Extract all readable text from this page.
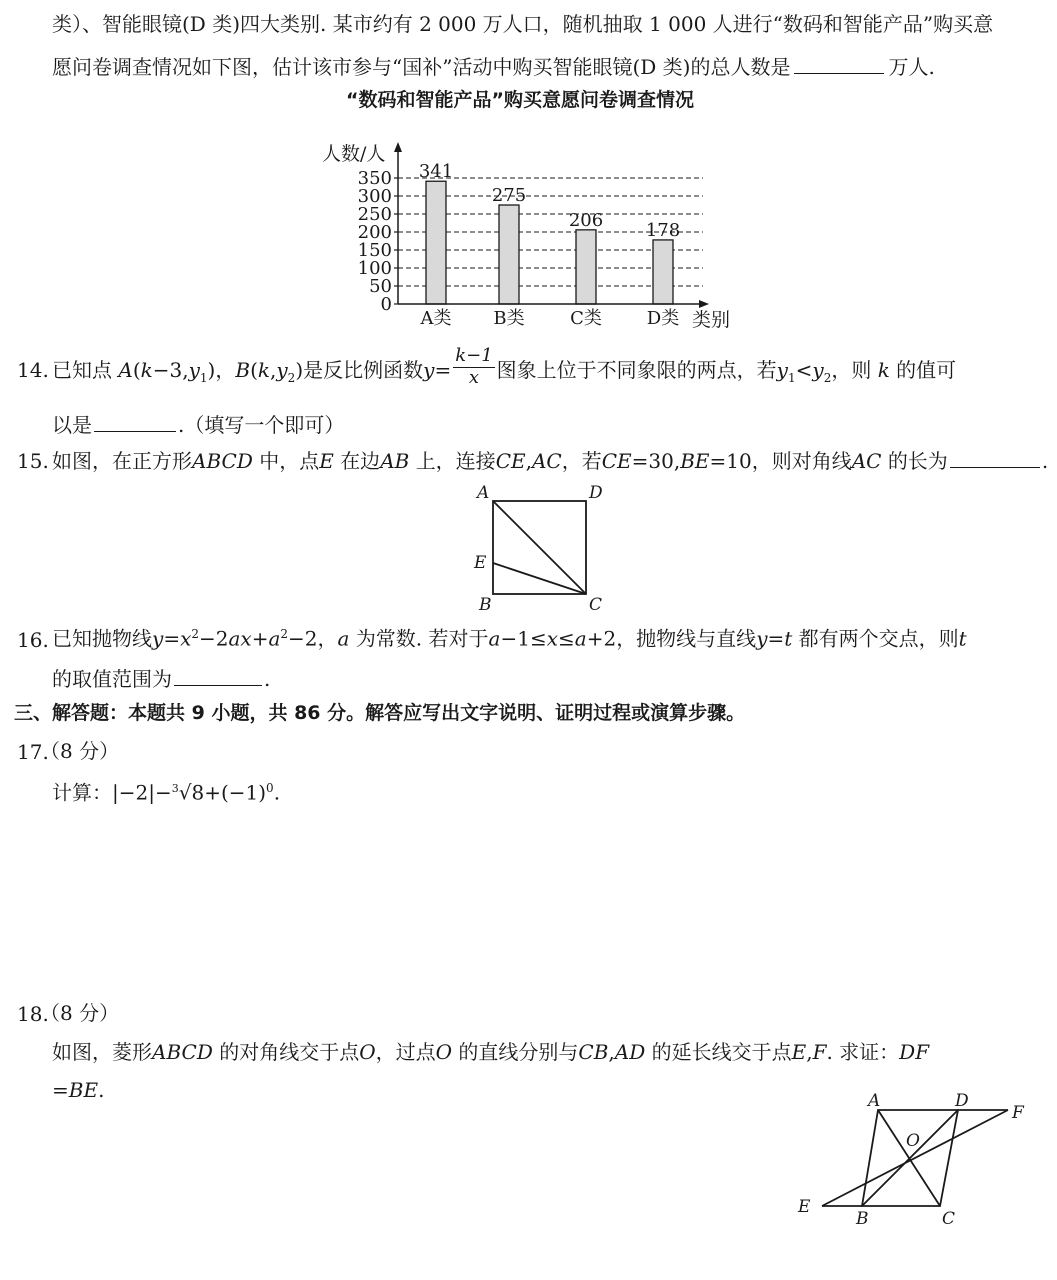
类）、智能眼镜(D 类)四大类别. 某市约有 2 000 万人口，随机抽取 1 000 人进行“数码和智能产品”购买意
愿问卷调查情况如下图，估计该市参与“国补”活动中购买智能眼镜(D 类)的总人数是	万人.
“数码和智能产品”购买意愿问卷调查情况
0
50
100
150
200
250
300
350 341
A类
275
B类
206
C类
178
D类
人数/人
类别
14. 已知点 $A(k-3,y_1)$，$B(k,y_2)$是反比例函数$y= \frac{k-1}{x}$ 图象上位于不同象限的两点，若$y_1<y_2$，则 k 的值可
以是	.（填写一个即可）
15. 如图，在正方形ABCD 中，点E 在边AB 上，连接CE,AC，若CE=30,BE=10，则对角线AC 的长为	.
A	D
E
B	C
16. 已知抛物线$y=x^2-2ax+a^2-2$，a 为常数. 若对于a−1≤x≤a+2，抛物线与直线y=t 都有两个交点，则t
的取值范围为	.
三、解答题：本题共 9 小题，共 86 分。解答应写出文字说明、证明过程或演算步骤。
17.
（8 分）
计算：$|-2|-^3√8+(-1)^0$.
18.
（8 分）
如图，菱形ABCD 的对角线交于点O，过点O 的直线分别与CB,AD 的延长线交于点E,F. 求证：DF
=BE.	A	D
F
O
E
B	C
